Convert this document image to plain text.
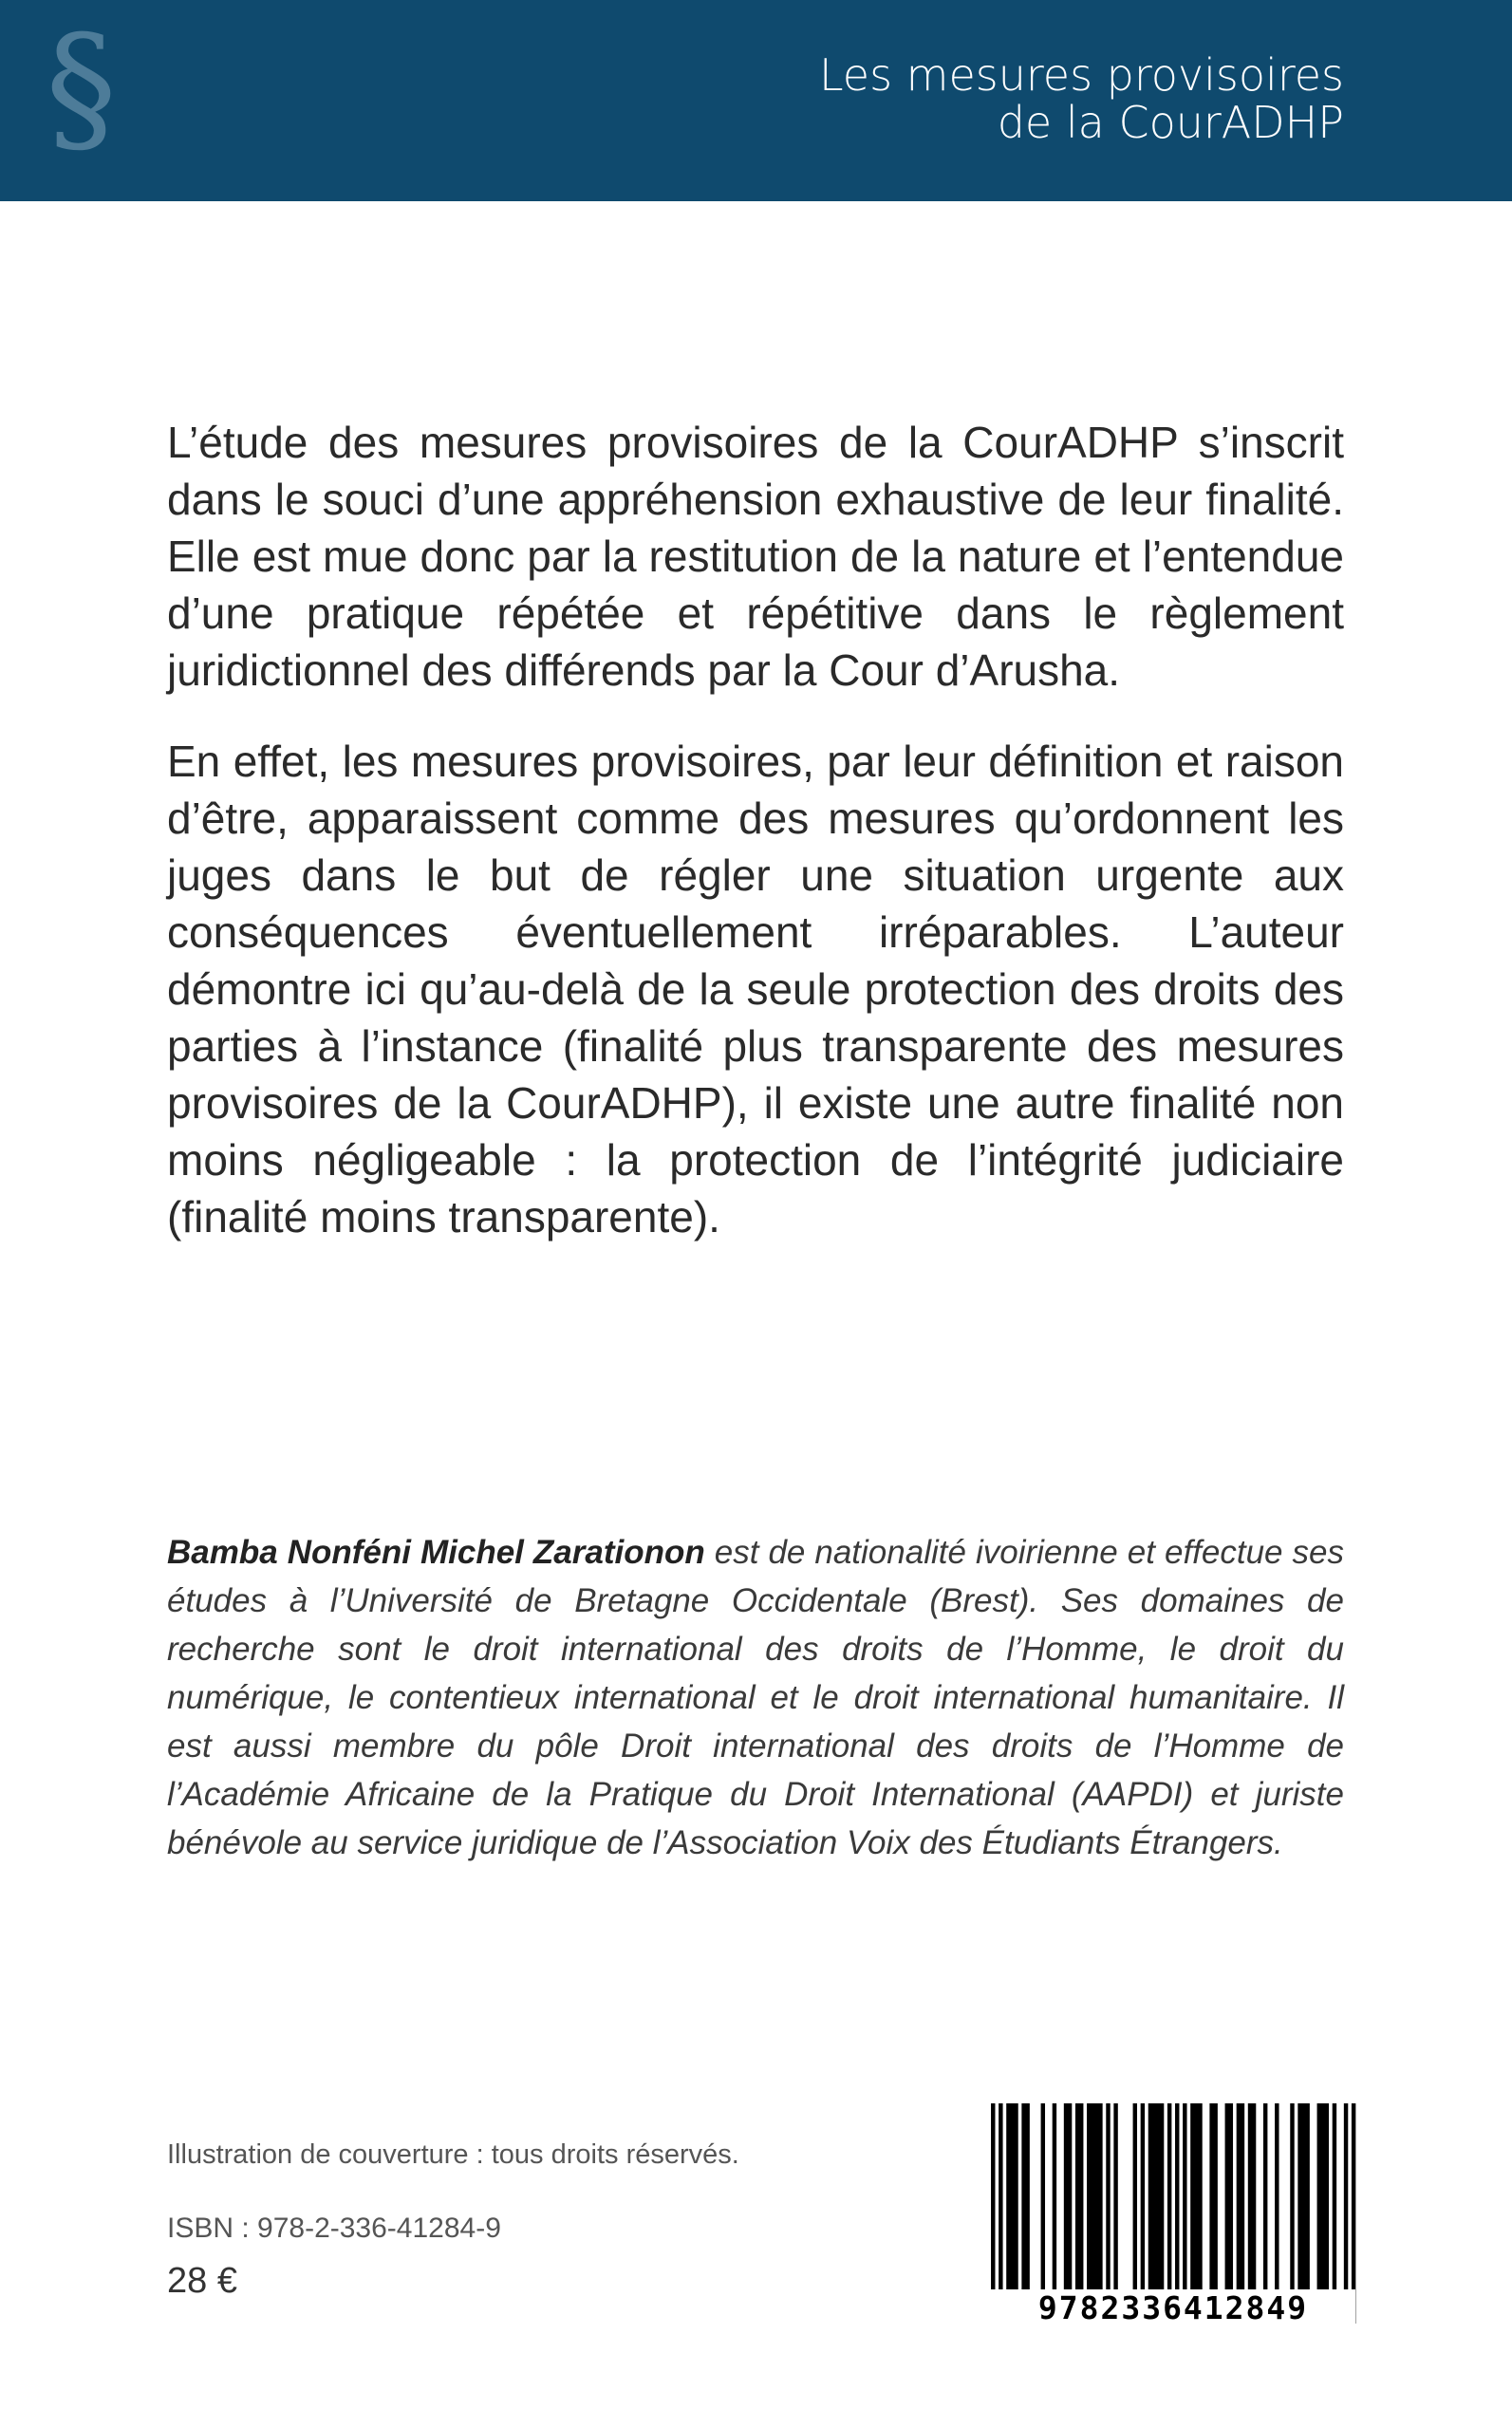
§	Les mesures provisoires
de la CourADHP

L’étude des mesures provisoires de la CourADHP s’inscrit dans le souci d’une appréhension exhaustive de leur finalité. Elle est mue donc par la restitution de la nature et l’entendue d’une pratique répétée et répétitive dans le règlement juridictionnel des différends par la Cour d’Arusha.

En effet, les mesures provisoires, par leur définition et raison d’être, apparaissent comme des mesures qu’ordonnent les juges dans le but de régler une situation urgente aux conséquences éventuellement irréparables. L’auteur démontre ici qu’au-delà de la seule protection des droits des parties à l’instance (finalité plus transparente des mesures provisoires de la CourADHP), il existe une autre finalité non moins négligeable : la protection de l’intégrité judiciaire (finalité moins transparente).

Bamba Nonféni Michel Zarationon est de nationalité ivoirienne et effectue ses études à l’Université de Bretagne Occidentale (Brest). Ses domaines de recherche sont le droit international des droits de l’Homme, le droit du numérique, le contentieux international et le droit international humanitaire. Il est aussi membre du pôle Droit international des droits de l’Homme de l’Académie Africaine de la Pratique du Droit International (AAPDI) et juriste bénévole au service juridique de l’Association Voix des Étudiants Étrangers.
Illustration de couverture : tous droits réservés.
ISBN : 978-2-336-41284-9
28 €
9782336412849
